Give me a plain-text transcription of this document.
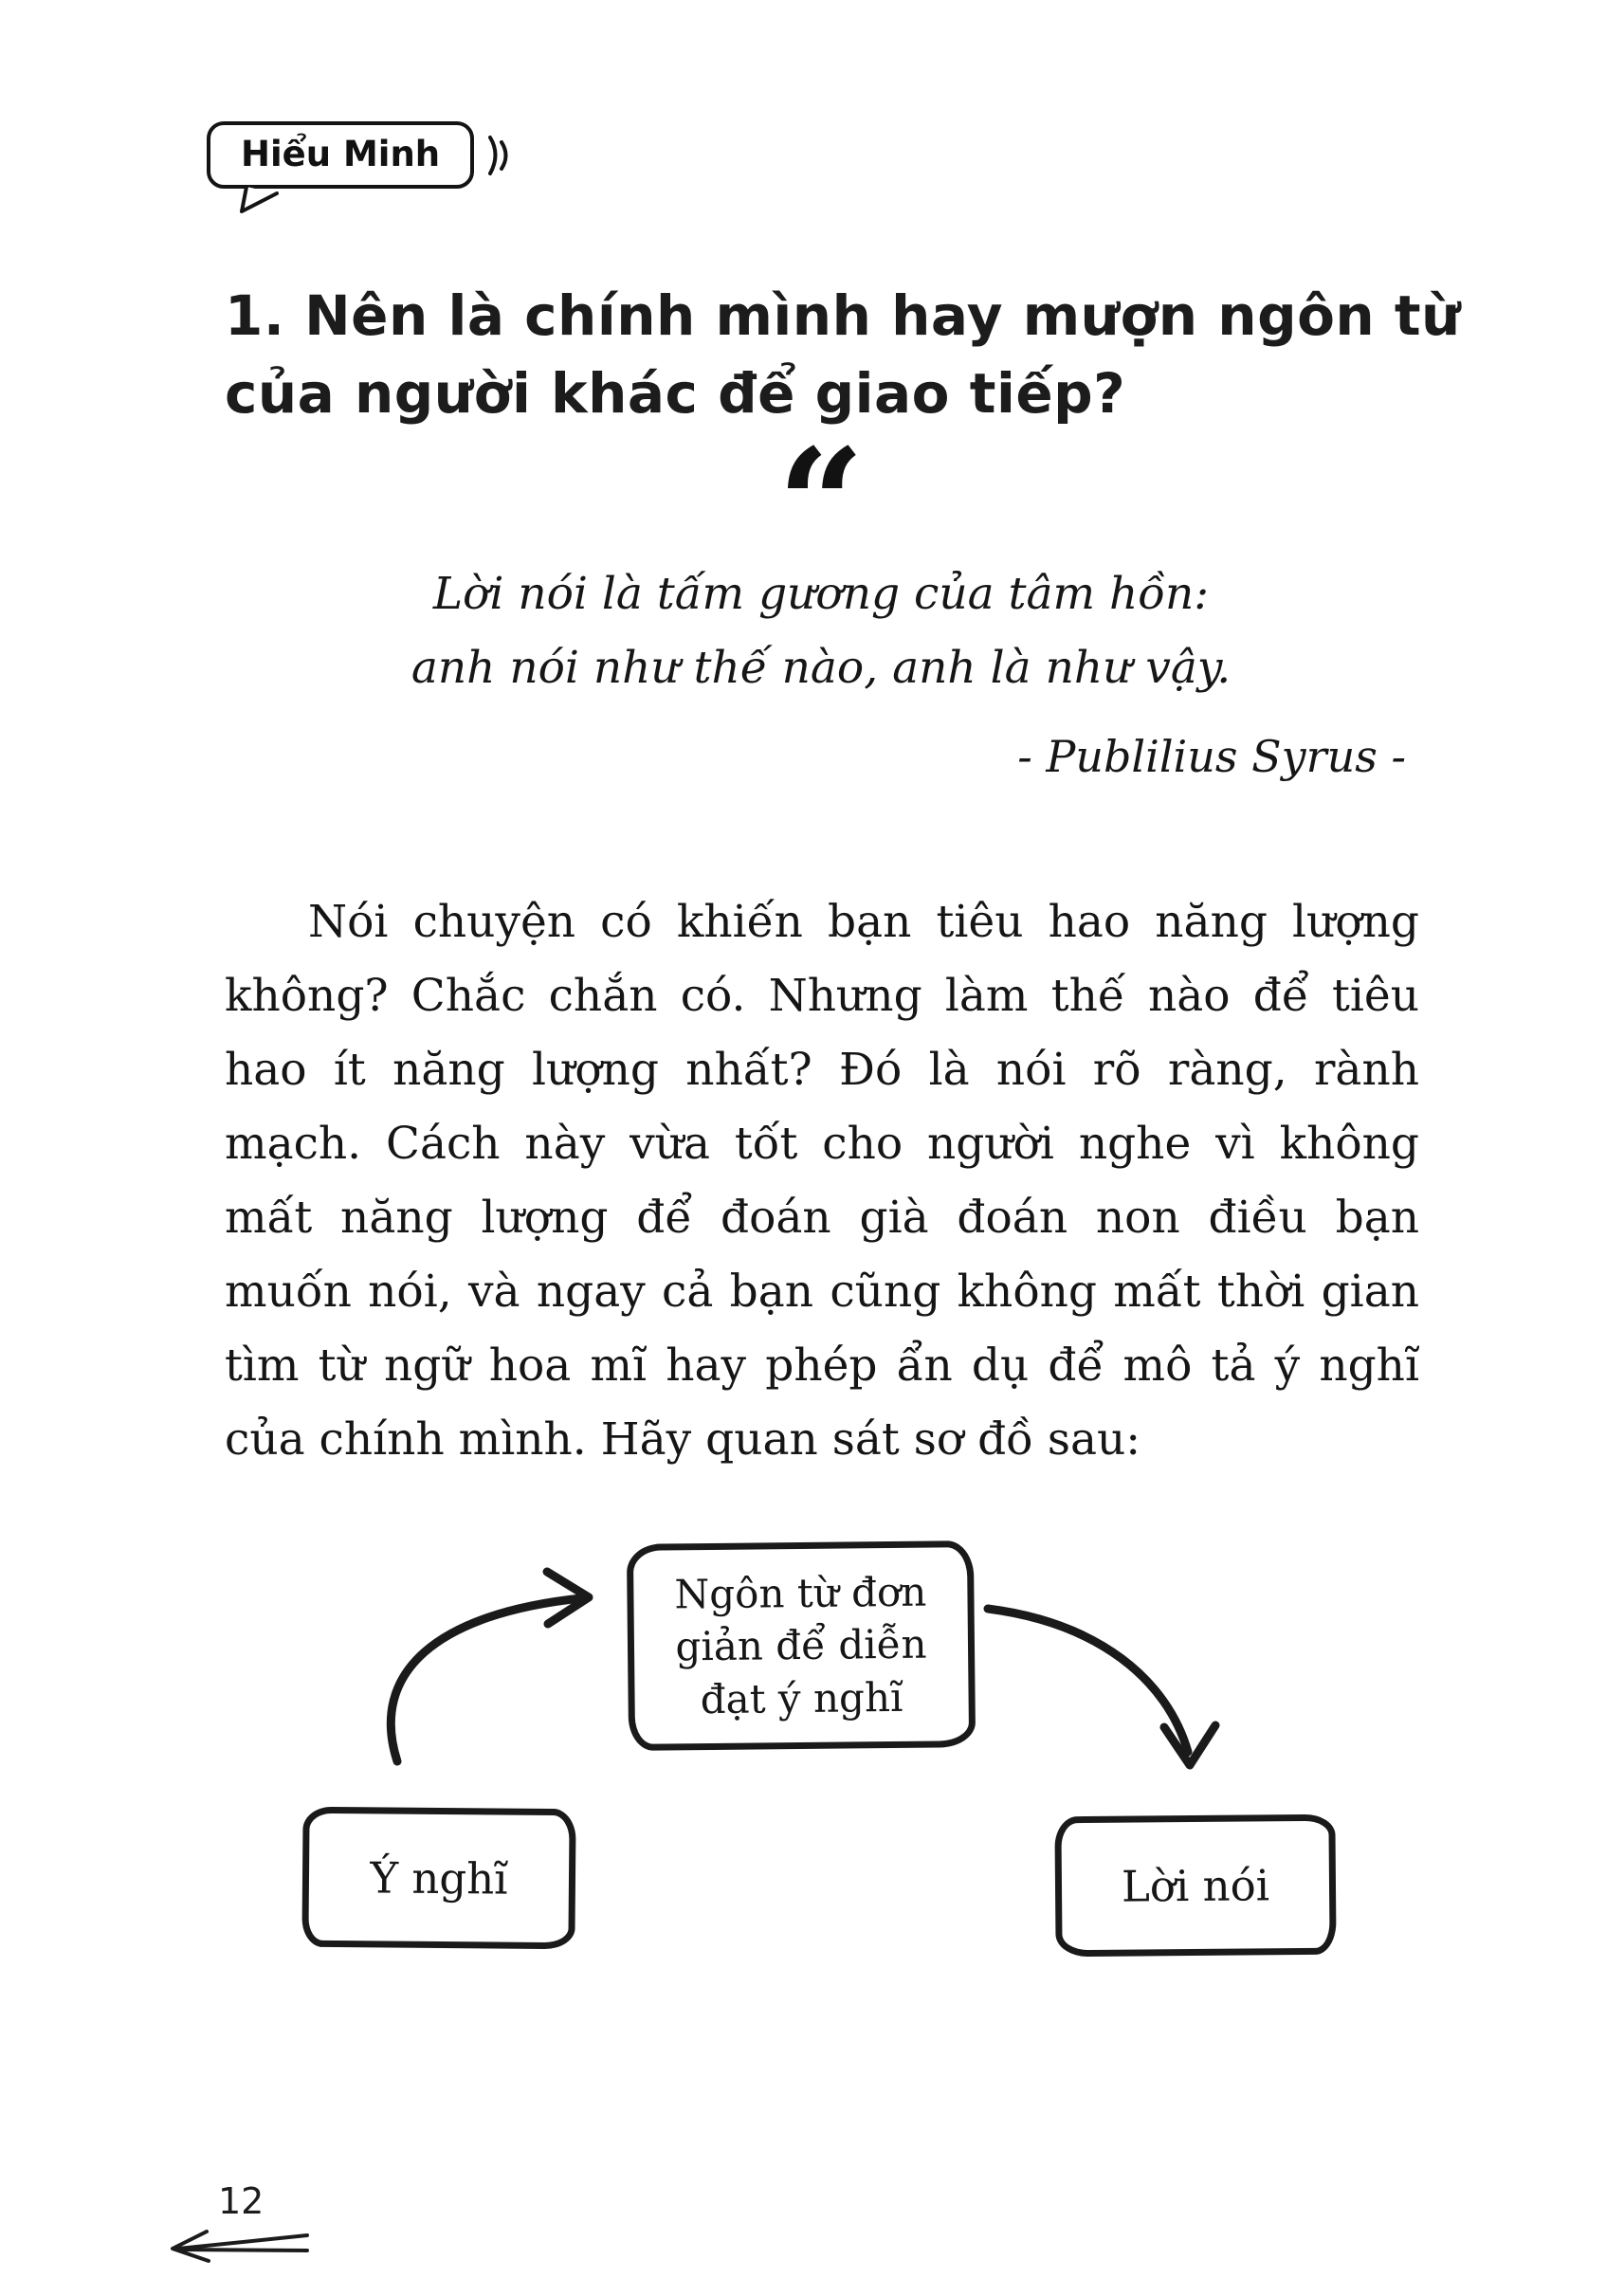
Hiểu Minh
1. Nên là chính mình hay mượn ngôn từ
của người khác để giao tiếp?
“
Lời nói là tấm gương của tâm hồn:
anh nói như thế nào, anh là như vậy.
- Publilius Syrus -

Nói chuyện có khiến bạn tiêu hao năng lượng không? Chắc chắn có. Nhưng làm thế nào để tiêu hao ít năng lượng nhất? Đó là nói rõ ràng, rành mạch. Cách này vừa tốt cho người nghe vì không mất năng lượng để đoán già đoán non điều bạn muốn nói, và ngay cả bạn cũng không mất thời gian tìm từ ngữ hoa mĩ hay phép ẩn dụ để mô tả ý nghĩ của chính mình. Hãy quan sát sơ đồ sau:

Ngôn từ đơn giản để diễn đạt ý nghĩ
Ý nghĩ	Lời nói
12
